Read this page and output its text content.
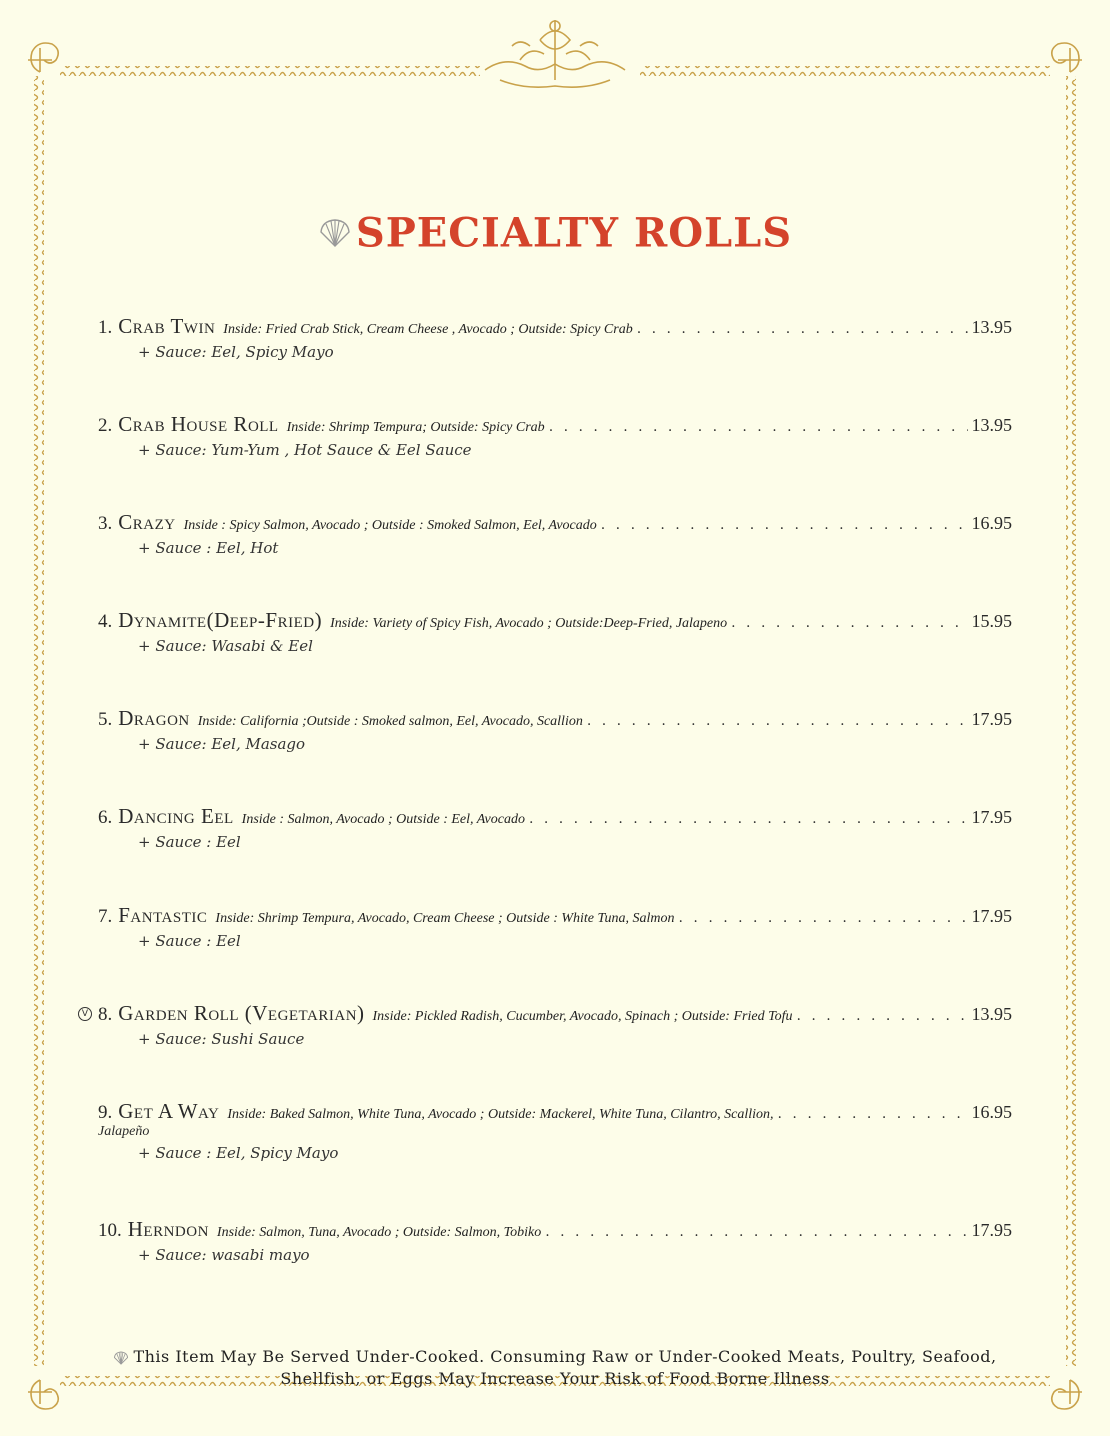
SPECIALTY ROLLS
1. Crab Twin Inside: Fried Crab Stick, Cream Cheese , Avocado ; Outside: Spicy Crab . . .	13.95
+ Sauce: Eel, Spicy Mayo
2. Crab House Roll Inside: Shrimp Tempura; Outside: Spicy Crab . . .	13.95
+ Sauce: Yum-Yum , Hot Sauce & Eel Sauce
3. Crazy Inside : Spicy Salmon, Avocado ; Outside : Smoked Salmon, Eel, Avocado . . .	16.95
+ Sauce : Eel, Hot
4. Dynamite(Deep-Fried) Inside: Variety of Spicy Fish, Avocado ; Outside:Deep-Fried, Jalapeno . . .	15.95
+ Sauce: Wasabi & Eel
5. Dragon Inside: California ;Outside : Smoked salmon, Eel, Avocado, Scallion . . .	17.95
+ Sauce: Eel, Masago
6. Dancing Eel Inside : Salmon, Avocado ; Outside : Eel, Avocado . . .	17.95
+ Sauce : Eel
7. Fantastic Inside: Shrimp Tempura, Avocado, Cream Cheese ; Outside : White Tuna, Salmon . . .	17.95
+ Sauce : Eel
V 8. Garden Roll (Vegetarian) Inside: Pickled Radish, Cucumber, Avocado, Spinach ; Outside: Fried Tofu . . .	13.95
+ Sauce: Sushi Sauce
9. Get A Way Inside: Baked Salmon, White Tuna, Avocado ; Outside: Mackerel, White Tuna, Cilantro, Scallion, . . .	16.95
Jalapeño
+ Sauce : Eel, Spicy Mayo
10. Herndon Inside: Salmon, Tuna, Avocado ; Outside: Salmon, Tobiko . . .	17.95
+ Sauce: wasabi mayo
This Item May Be Served Under-Cooked. Consuming Raw or Under-Cooked Meats, Poultry, Seafood,
Shellfish, or Eggs May Increase Your Risk of Food Borne Illness
